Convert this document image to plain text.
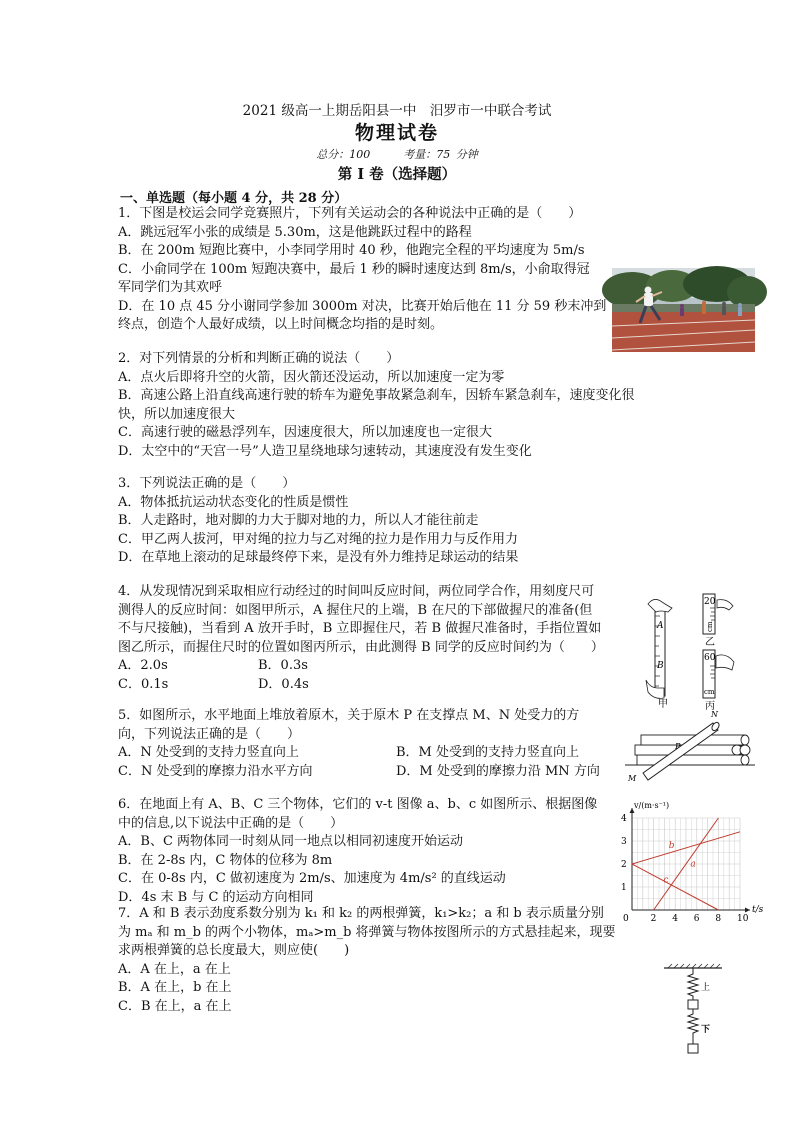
2021 级高一上期岳阳县一中　汨罗市一中联合考试
物理试卷
总分：100　　　考量：75 分钟
第 I 卷（选择题）
一、单选题（每小题 4 分，共 28 分）
1．下图是校运会同学竞赛照片，下列有关运动会的各种说法中正确的是（　　）
A．跳远冠军小张的成绩是 5.30m，这是他跳跃过程中的路程
B．在 200m 短跑比赛中，小李同学用时 40 秒，他跑完全程的平均速度为 5m/s
C．小俞同学在 100m 短跑决赛中，最后 1 秒的瞬时速度达到 8m/s，小俞取得冠
军同学们为其欢呼
D．在 10 点 45 分小谢同学参加 3000m 对决，比赛开始后他在 11 分 59 秒末冲到
终点，创造个人最好成绩，以上时间概念均指的是时刻。
2．对下列情景的分析和判断正确的说法（　　）
A．点火后即将升空的火箭，因火箭还没运动，所以加速度一定为零
B．高速公路上沿直线高速行驶的轿车为避免事故紧急刹车，因轿车紧急刹车，速度变化很
快，所以加速度很大
C．高速行驶的磁悬浮列车，因速度很大，所以加速度也一定很大
D．太空中的“天宫一号”人造卫星绕地球匀速转动，其速度没有发生变化
3．下列说法正确的是（　　）
A．物体抵抗运动状态变化的性质是惯性
B．人走路时，地对脚的力大于脚对地的力，所以人才能往前走
C．甲乙两人拔河，甲对绳的拉力与乙对绳的拉力是作用力与反作用力
D．在草地上滚动的足球最终停下来，是没有外力维持足球运动的结果
4．从发现情况到采取相应行动经过的时间叫反应时间，两位同学合作，用刻度尺可
测得人的反应时间：如图甲所示，A 握住尺的上端，B 在尺的下部做握尺的准备(但
不与尺接触)，当看到 A 放开手时，B 立即握住尺，若 B 做握尺准备时，手指位置如
图乙所示，而握住尺时的位置如图丙所示，由此测得 B 同学的反应时间约为（　　）
A．2.0s	B．0.3s
C．0.1s	D．0.4s
A
B
甲
20
cm
乙
60
cm
丙
5．如图所示，水平地面上堆放着原木，关于原木 P 在支撑点 M、N 处受力的方
向，下列说法正确的是（　　）
A．N 处受到的支持力竖直向上	B．M 处受到的支持力竖直向上
C．N 处受到的摩擦力沿水平方向	D．M 处受到的摩擦力沿 MN 方向
N
P
M
6．在地面上有 A、B、C 三个物体，它们的 v-t 图像 a、b、c 如图所示、根据图像
中的信息,以下说法中正确的是（　　）
A．B、C 两物体同一时刻从同一地点以相同初速度开始运动
B．在 2-8s 内，C 物体的位移为 8m
C．在 0-8s 内，C 做初速度为 2m/s、加速度为 4m/s² 的直线运动
D．4s 末 B 与 C 的运动方向相同
0 2 4 6 8 10
1
2
3
4
t/s
v/(m·s⁻¹)
a
b
c
7．A 和 B 表示劲度系数分别为 k₁ 和 k₂ 的两根弹簧，k₁>k₂；a 和 b 表示质量分别
为 mₐ 和 m_b 的两个小物体，mₐ>m_b 将弹簧与物体按图所示的方式悬挂起来，现要
求两根弹簧的总长度最大，则应使(　　)
A．A 在上，a 在上
B．A 在上，b 在上
C．B 在上，a 在上
上
下
